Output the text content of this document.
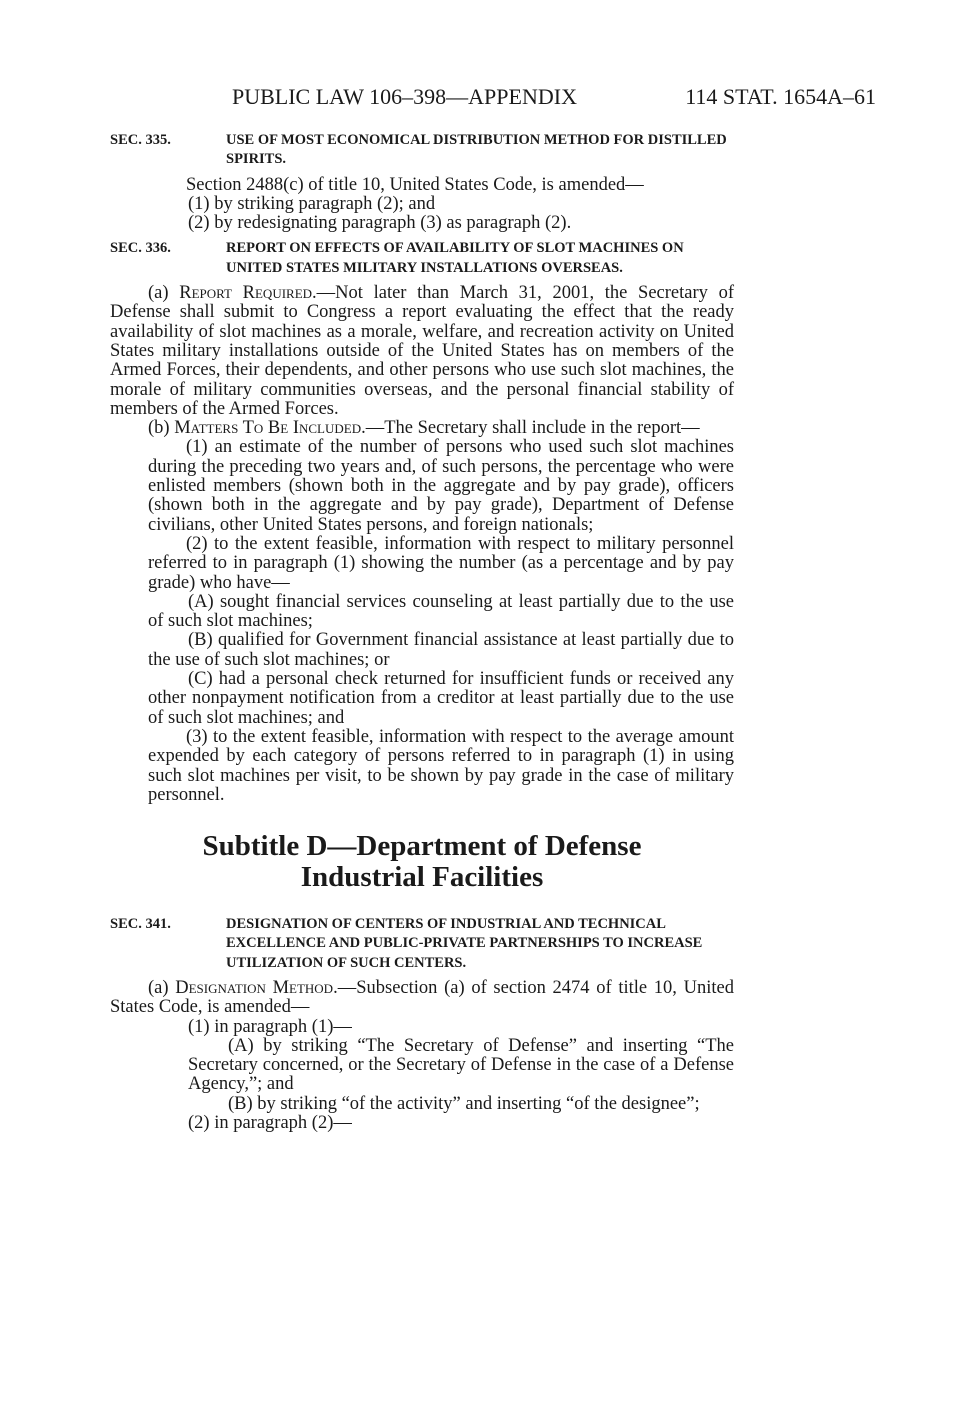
PUBLIC LAW 106–398—APPENDIX	114 STAT. 1654A–61
SEC. 335.	USE OF MOST ECONOMICAL DISTRIBUTION METHOD FOR DISTILLED SPIRITS.

Section 2488(c) of title 10, United States Code, is amended—

(1) by striking paragraph (2); and

(2) by redesignating paragraph (3) as paragraph (2).

SEC. 336.	REPORT ON EFFECTS OF AVAILABILITY OF SLOT MACHINES ON UNITED STATES MILITARY INSTALLATIONS OVERSEAS.

(a) Report Required.—Not later than March 31, 2001, the Secretary of Defense shall submit to Congress a report evaluating the effect that the ready availability of slot machines as a morale, welfare, and recreation activity on United States military installations outside of the United States has on members of the Armed Forces, their dependents, and other persons who use such slot machines, the morale of military communities overseas, and the personal financial stability of members of the Armed Forces.

(b) Matters To Be Included.—The Secretary shall include in the report—

(1) an estimate of the number of persons who used such slot machines during the preceding two years and, of such persons, the percentage who were enlisted members (shown both in the aggregate and by pay grade), officers (shown both in the aggregate and by pay grade), Department of Defense civilians, other United States persons, and foreign nationals;

(2) to the extent feasible, information with respect to military personnel referred to in paragraph (1) showing the number (as a percentage and by pay grade) who have—

(A) sought financial services counseling at least partially due to the use of such slot machines;

(B) qualified for Government financial assistance at least partially due to the use of such slot machines; or

(C) had a personal check returned for insufficient funds or received any other nonpayment notification from a creditor at least partially due to the use of such slot machines; and

(3) to the extent feasible, information with respect to the average amount expended by each category of persons referred to in paragraph (1) in using such slot machines per visit, to be shown by pay grade in the case of military personnel.

Subtitle D—Department of Defense
Industrial Facilities
SEC. 341.	DESIGNATION OF CENTERS OF INDUSTRIAL AND TECHNICAL EXCELLENCE AND PUBLIC-PRIVATE PARTNERSHIPS TO INCREASE UTILIZATION OF SUCH CENTERS.

(a) Designation Method.—Subsection (a) of section 2474 of title 10, United States Code, is amended—

(1) in paragraph (1)—

(A) by striking “The Secretary of Defense” and inserting “The Secretary concerned, or the Secretary of Defense in the case of a Defense Agency,”; and

(B) by striking “of the activity” and inserting “of the designee”;

(2) in paragraph (2)—
